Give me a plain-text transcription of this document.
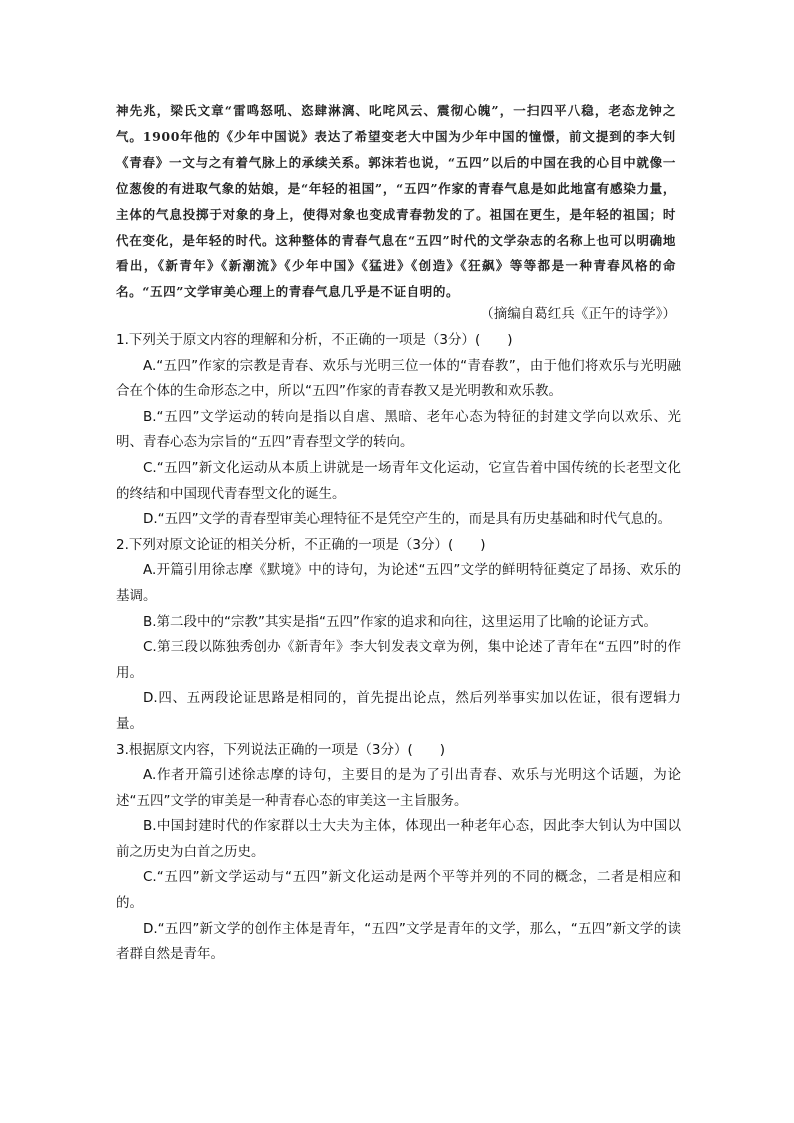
神先兆，梁氏文章“雷鸣怒吼、恣肆淋漓、叱咤风云、震彻心魄”，一扫四平八稳，老态龙钟之气。1900年他的《少年中国说》表达了希望变老大中国为少年中国的憧憬，前文提到的李大钊《青春》一文与之有着气脉上的承续关系。郭沫若也说，“五四”以后的中国在我的心目中就像一位葱俊的有进取气象的姑娘，是“年轻的祖国”，“五四”作家的青春气息是如此地富有感染力量，主体的气息投掷于对象的身上，使得对象也变成青春勃发的了。祖国在更生，是年轻的祖国；时代在变化，是年轻的时代。这种整体的青春气息在“五四”时代的文学杂志的名称上也可以明确地看出，《新青年》《新潮流》《少年中国》《猛进》《创造》《狂飙》等等都是一种青春风格的命名。“五四”文学审美心理上的青春气息几乎是不证自明的。

（摘编自葛红兵《正午的诗学》）

1.下列关于原文内容的理解和分析，不正确的一项是（3分）(　　)

A.“五四”作家的宗教是青春、欢乐与光明三位一体的“青春教”，由于他们将欢乐与光明融合在个体的生命形态之中，所以“五四”作家的青春教又是光明教和欢乐教。

B.“五四”文学运动的转向是指以自虐、黑暗、老年心态为特征的封建文学向以欢乐、光明、青春心态为宗旨的“五四”青春型文学的转向。

C.“五四”新文化运动从本质上讲就是一场青年文化运动，它宣告着中国传统的长老型文化的终结和中国现代青春型文化的诞生。

D.“五四”文学的青春型审美心理特征不是凭空产生的，而是具有历史基础和时代气息的。

2.下列对原文论证的相关分析，不正确的一项是（3分）(　　)

A.开篇引用徐志摩《默境》中的诗句，为论述“五四”文学的鲜明特征奠定了昂扬、欢乐的基调。

B.第二段中的“宗教”其实是指“五四”作家的追求和向往，这里运用了比喻的论证方式。

C.第三段以陈独秀创办《新青年》李大钊发表文章为例，集中论述了青年在“五四”时的作用。

D.四、五两段论证思路是相同的，首先提出论点，然后列举事实加以佐证，很有逻辑力量。

3.根据原文内容，下列说法正确的一项是（3分）(　　)

A.作者开篇引述徐志摩的诗句，主要目的是为了引出青春、欢乐与光明这个话题，为论述“五四”文学的审美是一种青春心态的审美这一主旨服务。

B.中国封建时代的作家群以士大夫为主体，体现出一种老年心态，因此李大钊认为中国以前之历史为白首之历史。

C.“五四”新文学运动与“五四”新文化运动是两个平等并列的不同的概念，二者是相应和的。

D.“五四”新文学的创作主体是青年，“五四”文学是青年的文学，那么，“五四”新文学的读者群自然是青年。
